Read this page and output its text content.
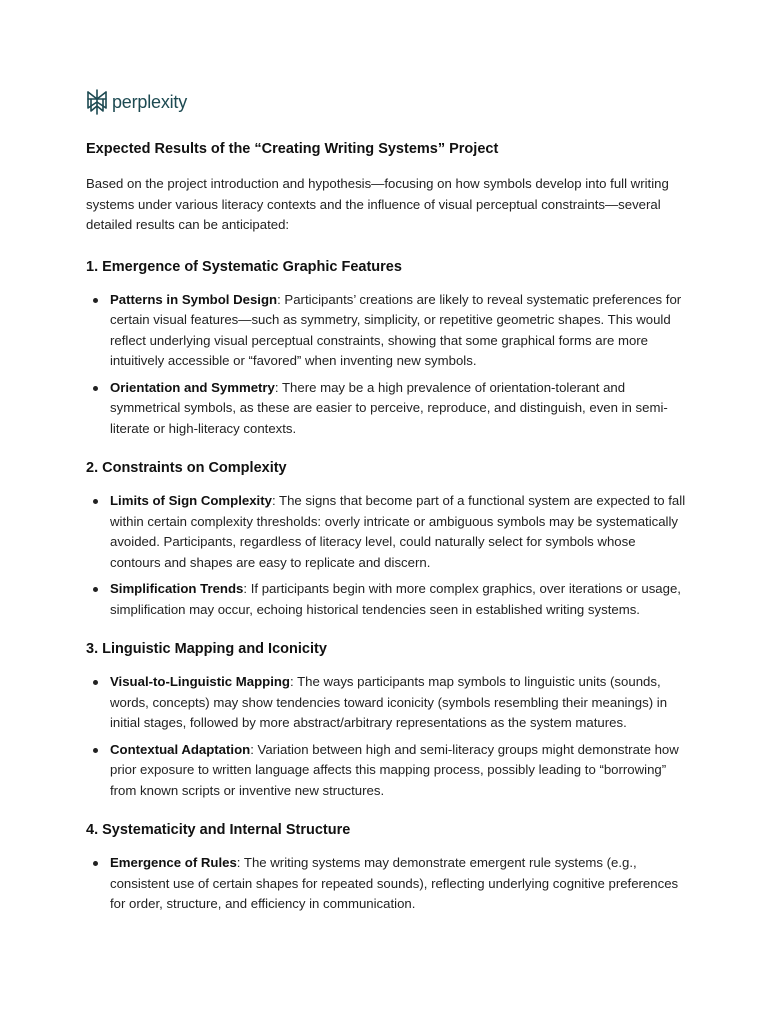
perplexity
Expected Results of the “Creating Writing Systems” Project

Based on the project introduction and hypothesis—focusing on how symbols develop into full writing systems under various literacy contexts and the influence of visual perceptual constraints—several detailed results can be anticipated:

1. Emergence of Systematic Graphic Features
Patterns in Symbol Design: Participants’ creations are likely to reveal systematic preferences for certain visual features—such as symmetry, simplicity, or repetitive geometric shapes. This would reflect underlying visual perceptual constraints, showing that some graphical forms are more intuitively accessible or “favored” when inventing new symbols.
Orientation and Symmetry: There may be a high prevalence of orientation-tolerant and symmetrical symbols, as these are easier to perceive, reproduce, and distinguish, even in semi-literate or high-literacy contexts.
2. Constraints on Complexity
Limits of Sign Complexity: The signs that become part of a functional system are expected to fall within certain complexity thresholds: overly intricate or ambiguous symbols may be systematically avoided. Participants, regardless of literacy level, could naturally select for symbols whose contours and shapes are easy to replicate and discern.
Simplification Trends: If participants begin with more complex graphics, over iterations or usage, simplification may occur, echoing historical tendencies seen in established writing systems.
3. Linguistic Mapping and Iconicity
Visual-to-Linguistic Mapping: The ways participants map symbols to linguistic units (sounds, words, concepts) may show tendencies toward iconicity (symbols resembling their meanings) in initial stages, followed by more abstract/arbitrary representations as the system matures.
Contextual Adaptation: Variation between high and semi-literacy groups might demonstrate how prior exposure to written language affects this mapping process, possibly leading to “borrowing” from known scripts or inventive new structures.
4. Systematicity and Internal Structure
Emergence of Rules: The writing systems may demonstrate emergent rule systems (e.g., consistent use of certain shapes for repeated sounds), reflecting underlying cognitive preferences for order, structure, and efficiency in communication.
